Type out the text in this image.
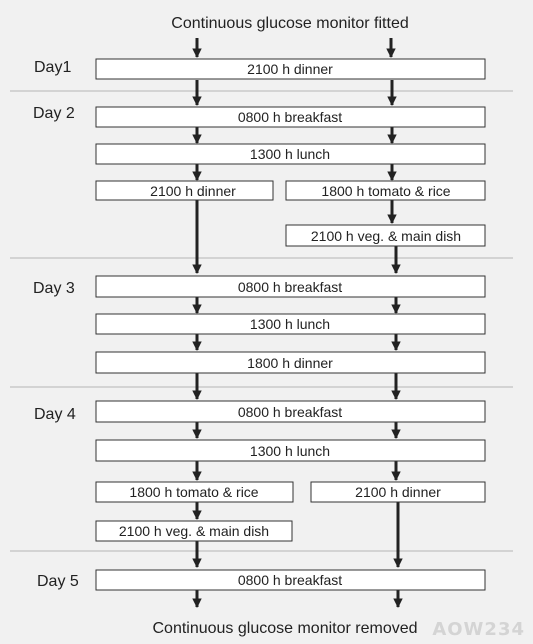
2100 h dinner
0800 h breakfast
1300 h lunch
2100 h dinner	1800 h tomato & rice
2100 h veg. & main dish
0800 h breakfast
1300 h lunch
1800 h dinner
0800 h breakfast
1300 h lunch
1800 h tomato & rice	2100 h dinner
2100 h veg. & main dish
0800 h breakfast
Day1
Day 2
Day 3
Day 4
Day 5
Continuous glucose monitor fitted
Continuous glucose monitor removed AOW234
